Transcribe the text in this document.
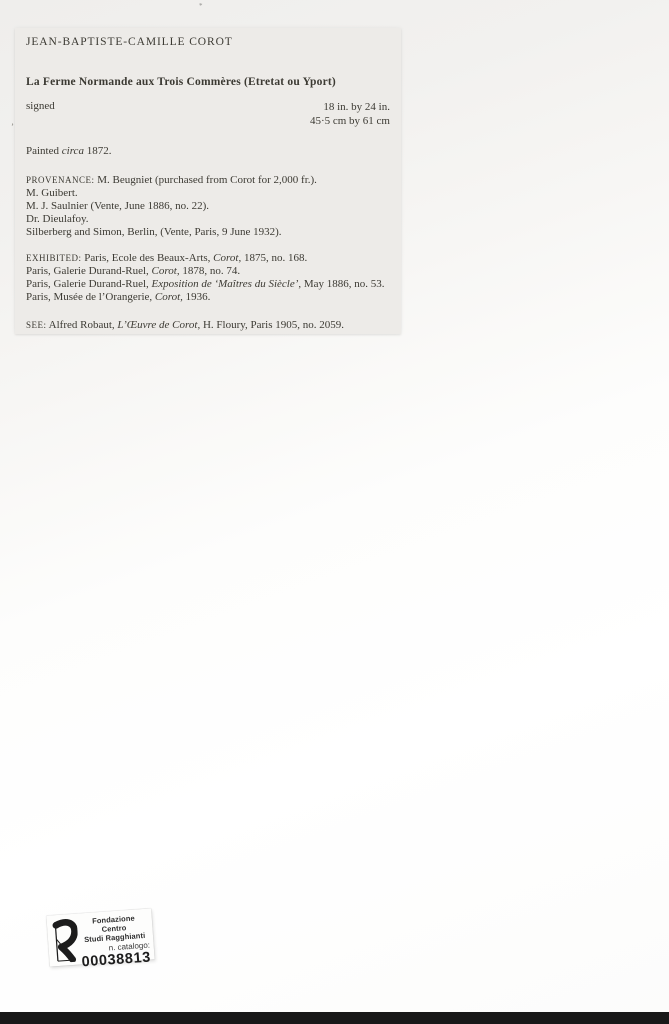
*
’
JEAN-BAPTISTE-CAMILLE COROT
La Ferme Normande aux Trois Commères (Etretat ou Yport)
signed	18 in. by 24 in.
45·5 cm by 61 cm
Painted circa 1872.
PROVENANCE: M. Beugniet (purchased from Corot for 2,000 fr.).
M. Guibert.
M. J. Saulnier (Vente, June 1886, no. 22).
Dr. Dieulafoy.
Silberberg and Simon, Berlin, (Vente, Paris, 9 June 1932).
EXHIBITED: Paris, Ecole des Beaux-Arts, Corot, 1875, no. 168.
Paris, Galerie Durand-Ruel, Corot, 1878, no. 74.
Paris, Galerie Durand-Ruel, Exposition de ‘Maîtres du Siècle’, May 1886, no. 53.
Paris, Musée de l’Orangerie, Corot, 1936.
SEE: Alfred Robaut, L’Œuvre de Corot, H. Floury, Paris 1905, no. 2059.
Fondazione Centro
Studi Ragghianti
n. catalogo:
00038813
